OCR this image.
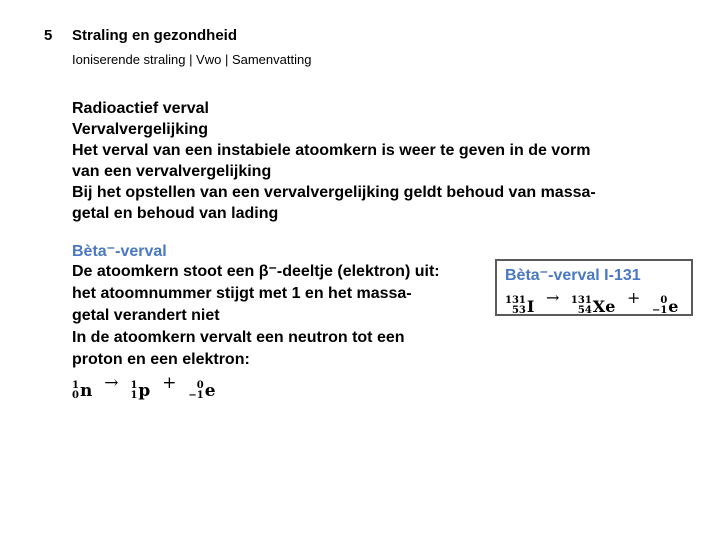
5 Straling en gezondheid
Ioniserende straling | Vwo | Samenvatting
Radioactief verval
Vervalvergelijking
Het verval van een instabiele atoomkern is weer te geven in de vorm
van een vervalvergelijking
Bij het opstellen van een vervalvergelijking geldt behoud van massa-
getal en behoud van lading
Bèta⁻-verval
De atoomkern stoot een β⁻-deeltje (elektron) uit:
het atoomnummer stijgt met 1 en het massa-
getal verandert niet
In de atoomkern vervalt een neutron tot een
proton en een elektron:
1
0 n → 1
1 p + 0
−1 e
Bèta⁻-verval I-131
131
53 I → 131
54 Xe + 0
−1 e
